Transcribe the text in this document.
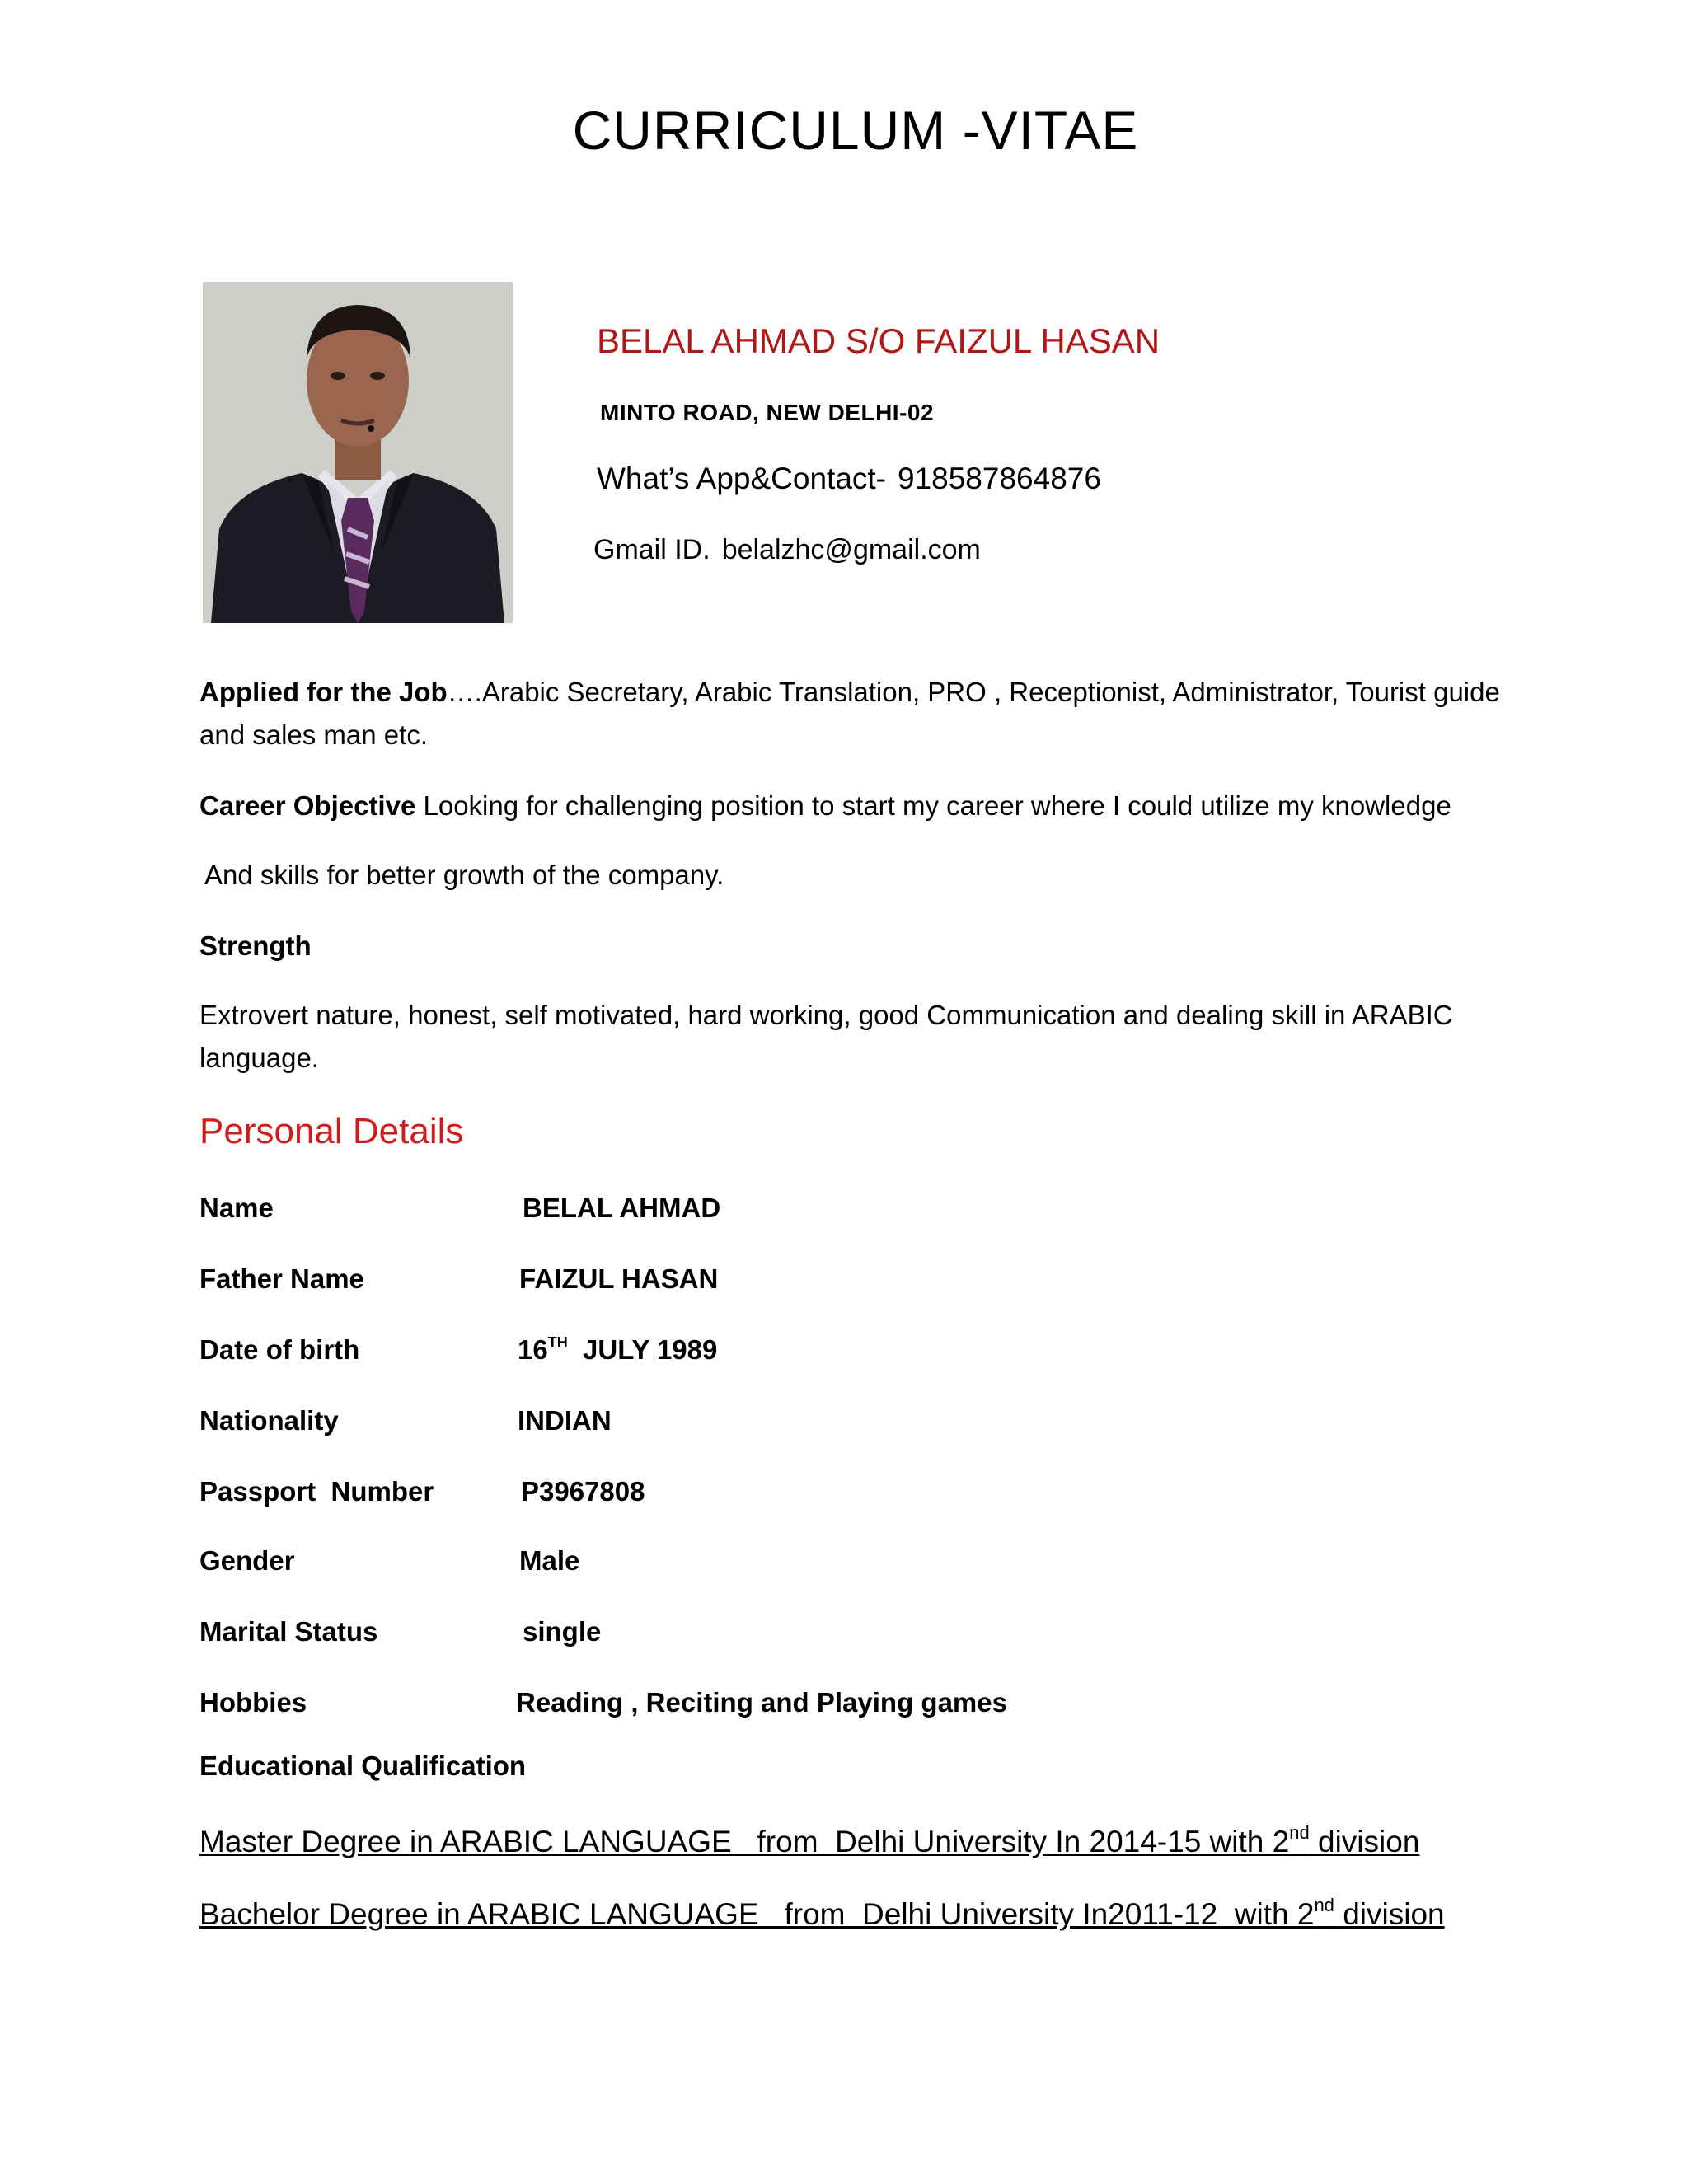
CURRICULUM -VITAE
BELAL AHMAD S/O FAIZUL HASAN
MINTO ROAD, NEW DELHI-02
What’s App&Contact- 918587864876
Gmail ID. belalzhc@gmail.com
Applied for the Job….Arabic Secretary, Arabic Translation, PRO , Receptionist, Administrator, Tourist guide and sales man etc.
Career Objective Looking for challenging position to start my career where I could utilize my knowledge
And skills for better growth of the company.
Strength
Extrovert nature, honest, self motivated, hard working, good Communication and dealing skill in ARABIC language.
Personal Details
Name	BELAL AHMAD
Father Name	FAIZUL HASAN
Date of birth	16TH  JULY 1989
Nationality	INDIAN
Passport  Number	P3967808
Gender	Male
Marital Status	single
Hobbies	Reading , Reciting and Playing games
Educational Qualification
Master Degree in ARABIC LANGUAGE   from  Delhi University In 2014-15 with 2nd division
Bachelor Degree in ARABIC LANGUAGE   from  Delhi University In2011-12  with 2nd division
